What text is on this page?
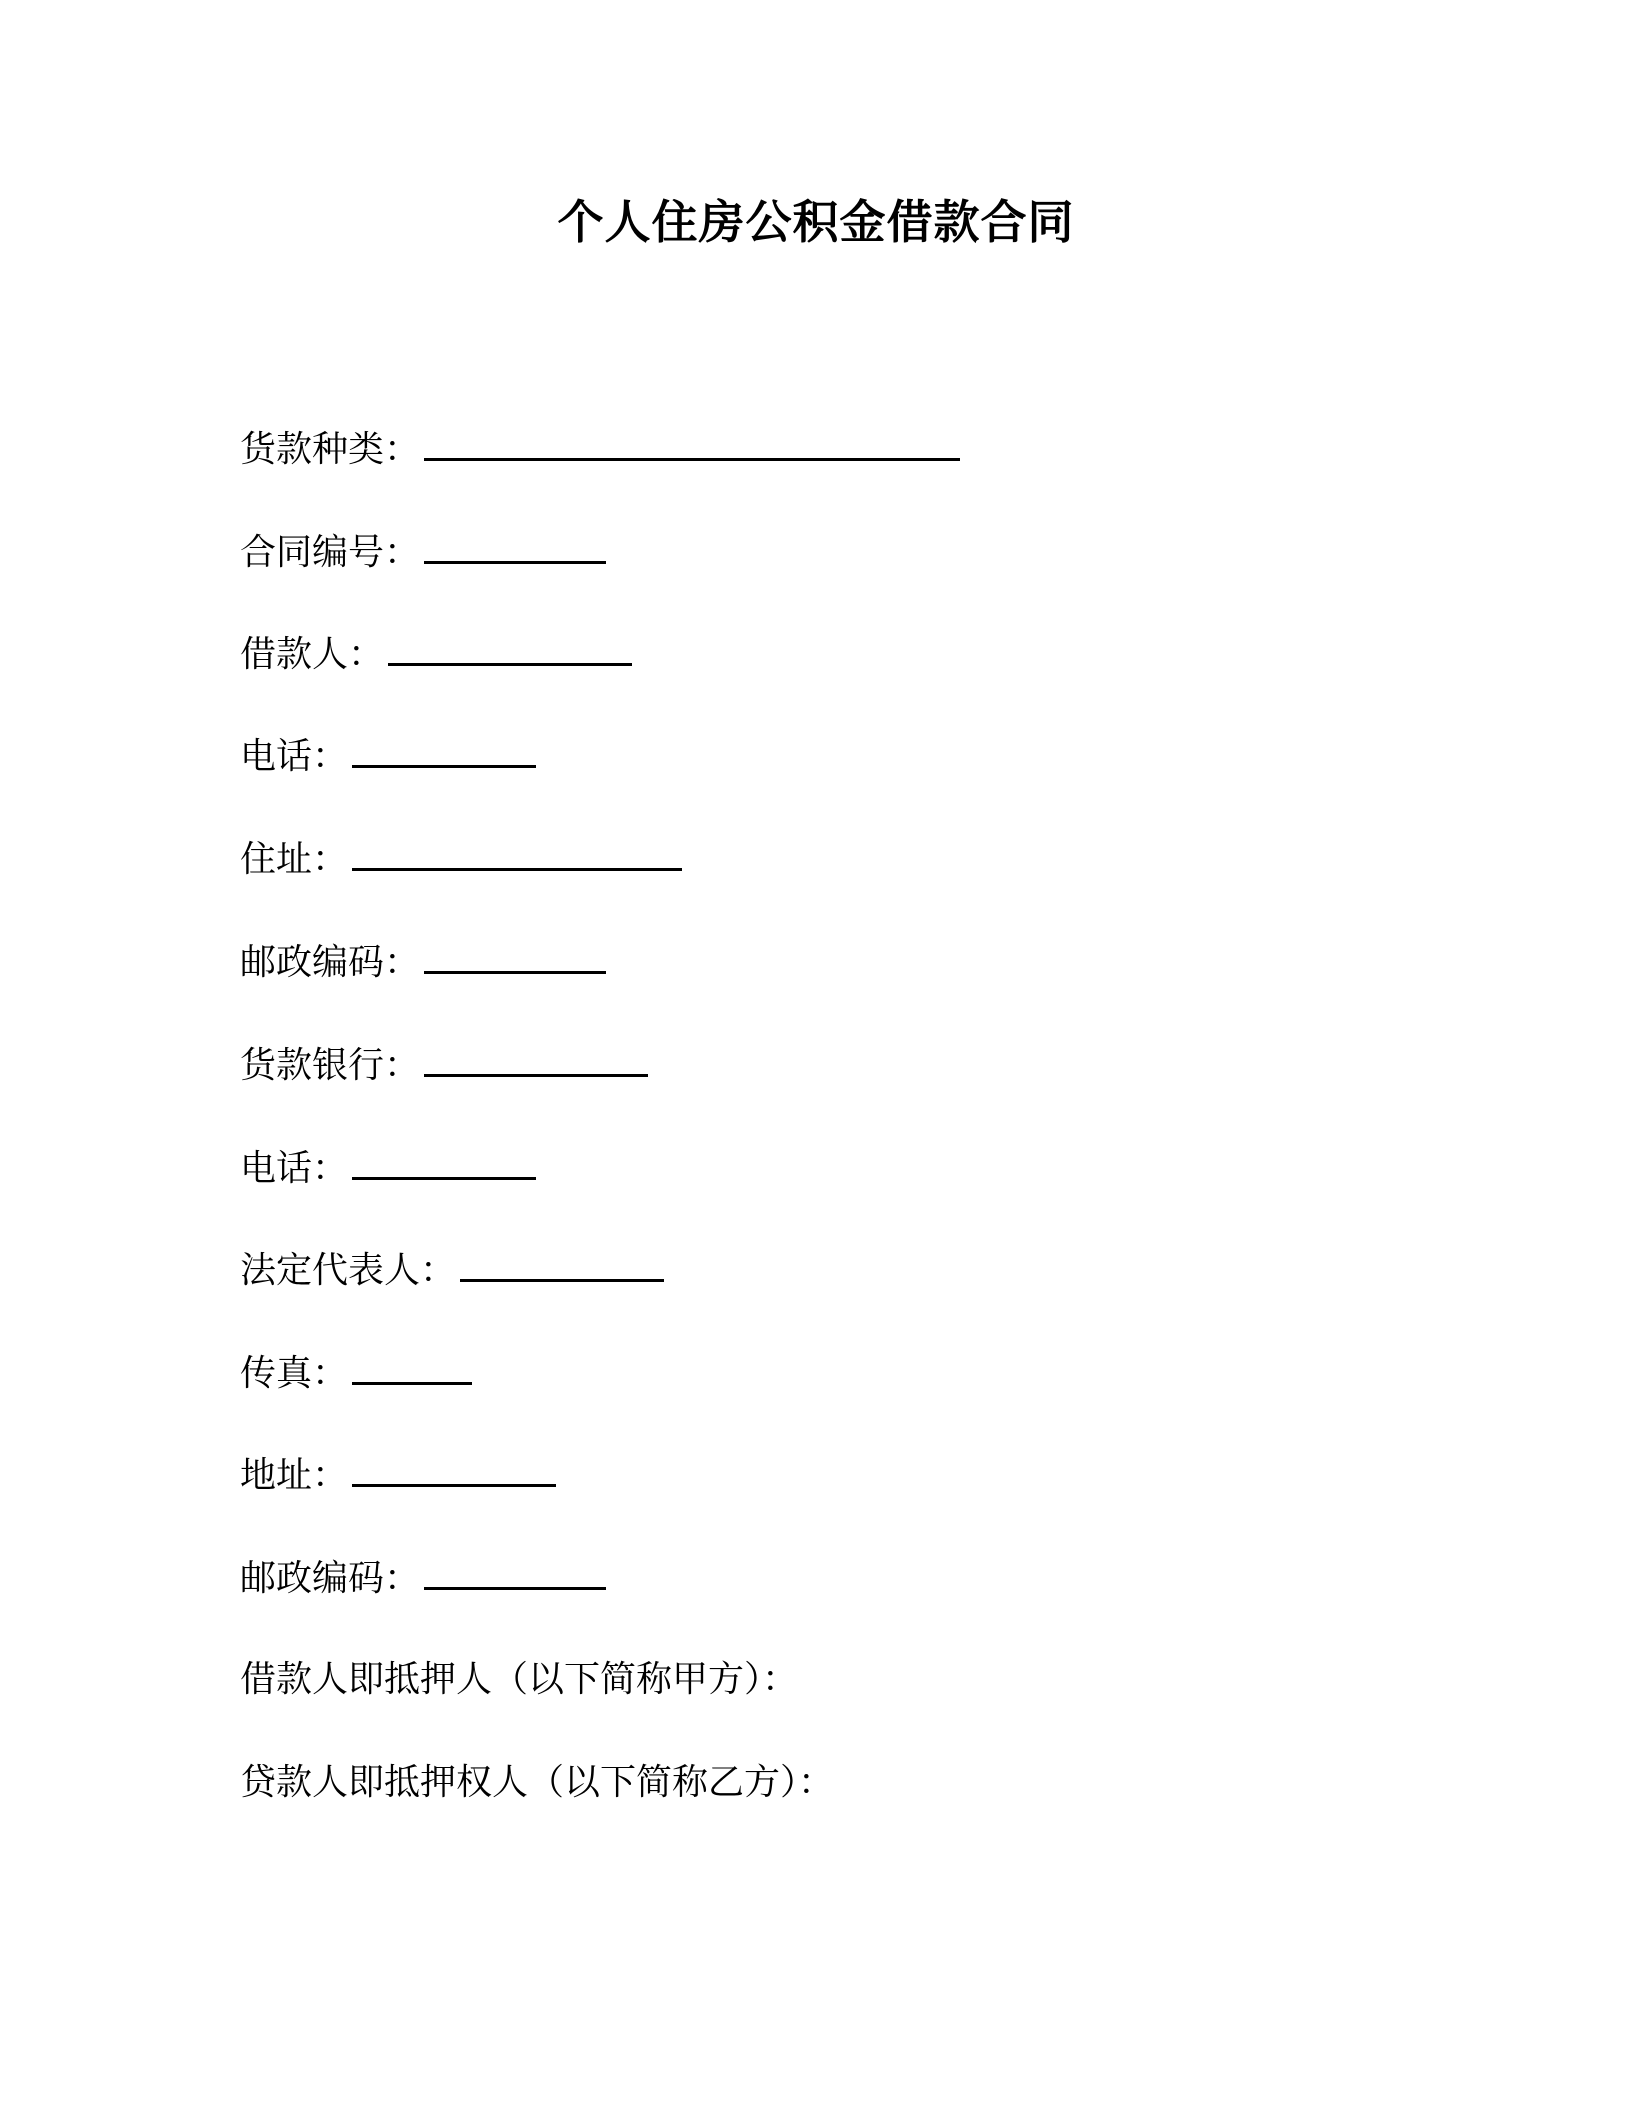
个人住房公积金借款合同
货款种类：
合同编号：
借款人：
电话：
住址：
邮政编码：
货款银行：
电话：
法定代表人：
传真：
地址：
邮政编码：
借款人即抵押人（以下简称甲方）：
贷款人即抵押权人（以下简称乙方）：
